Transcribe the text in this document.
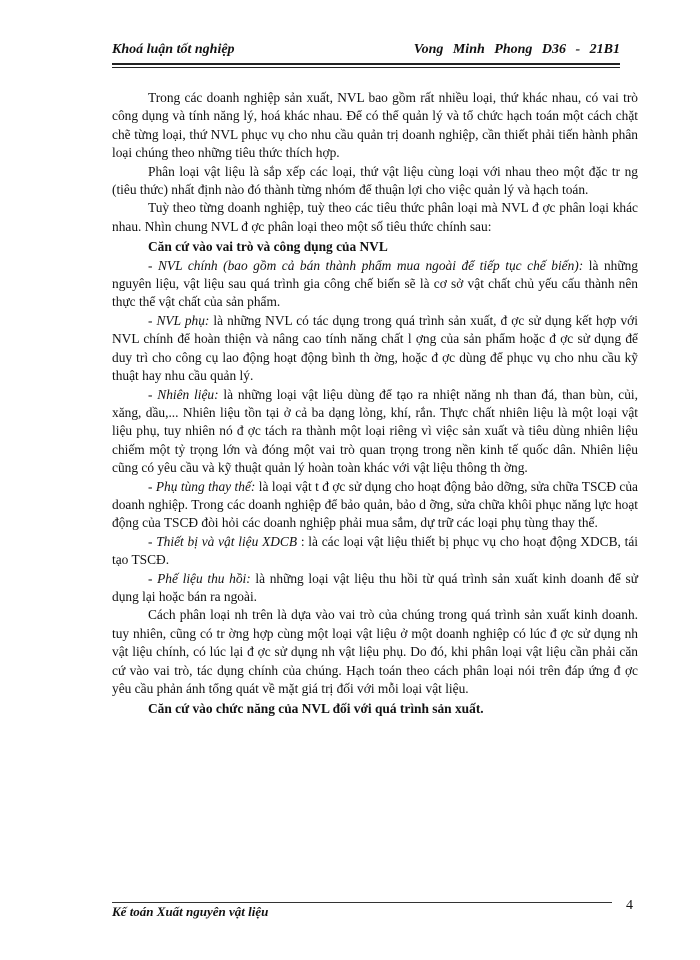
Khoá luận tốt nghiệp	Vong Minh Phong D36 - 21B1

Trong các doanh nghiệp sản xuất, NVL bao gồm rất nhiều loại, thứ khác nhau, có vai trò công dụng và tính năng lý, hoá khác nhau. Để có thể quản lý và tổ chức hạch toán một cách chặt chẽ từng loại, thứ NVL phục vụ cho nhu cầu quản trị doanh nghiệp, cần thiết phải tiến hành phân loại chúng theo những tiêu thức thích hợp.

Phân loại vật liệu là sắp xếp các loại, thứ vật liệu cùng loại với nhau theo một đặc tr ng (tiêu thức) nhất định nào đó thành từng nhóm để thuận lợi cho việc quản lý và hạch toán.

Tuỳ theo từng doanh nghiệp, tuỳ theo các tiêu thức phân loại mà NVL đ ợc phân loại khác nhau. Nhìn chung NVL đ ợc phân loại theo một số tiêu thức chính sau:

Căn cứ vào vai trò và công dụng của NVL

- NVL chính (bao gồm cả bán thành phẩm mua ngoài để tiếp tục chế biến): là những nguyên liệu, vật liệu sau quá trình gia công chế biến sẽ là cơ sở vật chất chủ yếu cấu thành nên thực thể vật chất của sản phẩm.

- NVL phụ: là những NVL có tác dụng trong quá trình sản xuất, đ ợc sử dụng kết hợp với NVL chính để hoàn thiện và nâng cao tính năng chất l ợng của sản phẩm hoặc đ ợc sử dụng để duy trì cho công cụ lao động hoạt động bình th ờng, hoặc đ ợc dùng để phục vụ cho nhu cầu kỹ thuật hay nhu cầu quản lý.

- Nhiên liệu: là những loại vật liệu dùng để tạo ra nhiệt năng nh than đá, than bùn, củi, xăng, dầu,... Nhiên liệu tồn tại ở cả ba dạng lỏng, khí, rắn. Thực chất nhiên liệu là một loại vật liệu phụ, tuy nhiên nó đ ợc tách ra thành một loại riêng vì việc sản xuất và tiêu dùng nhiên liệu chiếm một tỷ trọng lớn và đóng một vai trò quan trọng trong nền kinh tế quốc dân. Nhiên liệu cũng có yêu cầu và kỹ thuật quản lý hoàn toàn khác với vật liệu thông th ờng.

- Phụ tùng thay thế: là loại vật t đ ợc sử dụng cho hoạt động bảo dỡng, sửa chữa TSCĐ của doanh nghiệp. Trong các doanh nghiệp để bảo quản, bảo d ỡng, sửa chữa khôi phục năng lực hoạt động của TSCĐ đòi hỏi các doanh nghiệp phải mua sắm, dự trữ các loại phụ tùng thay thế.

- Thiết bị và vật liệu XDCB : là các loại vật liệu thiết bị phục vụ cho hoạt động XDCB, tái tạo TSCĐ.

- Phế liệu thu hồi: là những loại vật liệu thu hồi từ quá trình sản xuất kinh doanh để sử dụng lại hoặc bán ra ngoài.

Cách phân loại nh trên là dựa vào vai trò của chúng trong quá trình sản xuất kinh doanh. tuy nhiên, cũng có tr ờng hợp cùng một loại vật liệu ở một doanh nghiệp có lúc đ ợc sử dụng nh vật liệu chính, có lúc lại đ ợc sử dụng nh vật liệu phụ. Do đó, khi phân loại vật liệu cần phải căn cứ vào vai trò, tác dụng chính của chúng. Hạch toán theo cách phân loại nói trên đáp ứng đ ợc yêu cầu phản ánh tổng quát về mặt giá trị đối với mỗi loại vật liệu.

Căn cứ vào chức năng của NVL đối với quá trình sản xuất.

Kế toán Xuất nguyên vật liệu	4
